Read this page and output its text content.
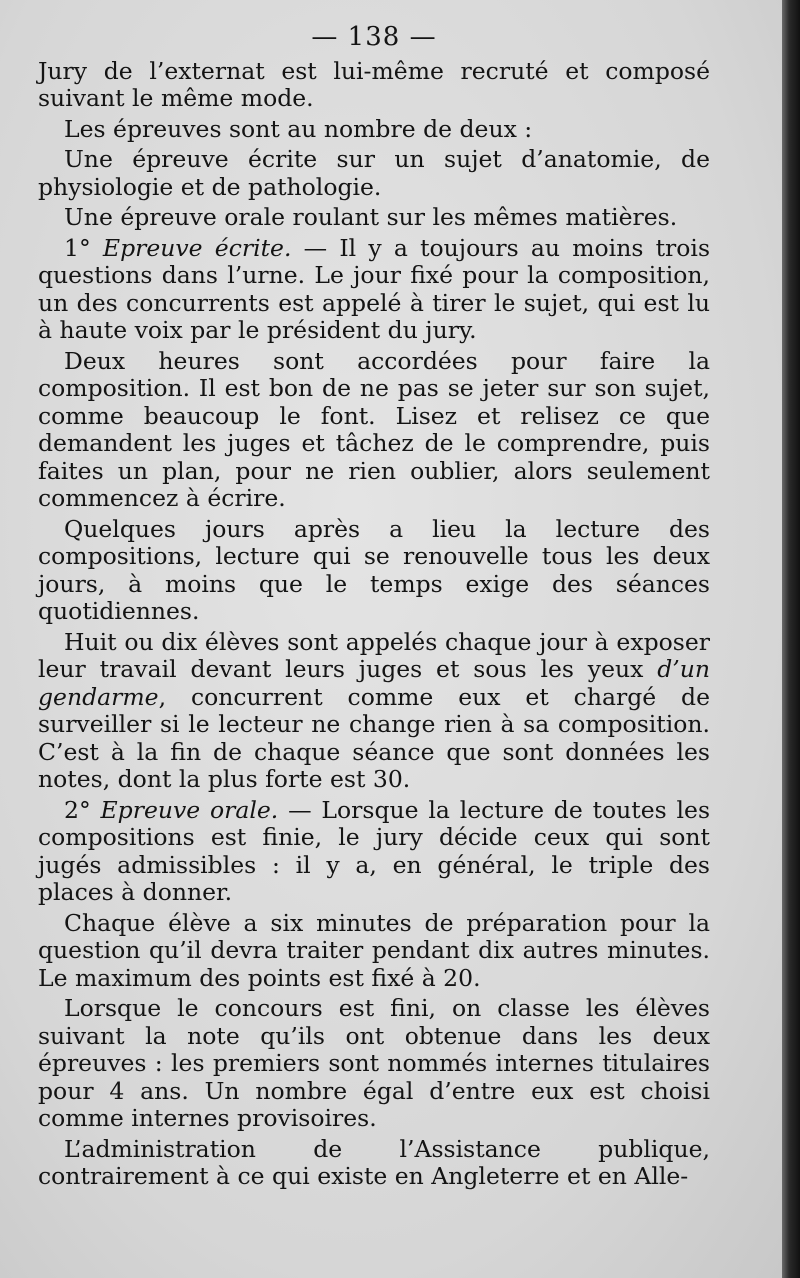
— 138 —

Jury de l’externat est lui-même recruté et composé suivant le même mode.

Les épreuves sont au nombre de deux :

Une épreuve écrite sur un sujet d’anatomie, de physiologie et de pathologie.

Une épreuve orale roulant sur les mêmes matières.

1° Epreuve écrite. — Il y a toujours au moins trois questions dans l’urne. Le jour fixé pour la composition, un des concurrents est appelé à tirer le sujet, qui est lu à haute voix par le président du jury.

Deux heures sont accordées pour faire la composition. Il est bon de ne pas se jeter sur son sujet, comme beaucoup le font. Lisez et relisez ce que demandent les juges et tâchez de le comprendre, puis faites un plan, pour ne rien oublier, alors seulement commencez à écrire.

Quelques jours après a lieu la lecture des compositions, lecture qui se renouvelle tous les deux jours, à moins que le temps exige des séances quotidiennes.

Huit ou dix élèves sont appelés chaque jour à exposer leur travail devant leurs juges et sous les yeux d’un gendarme, concurrent comme eux et chargé de surveiller si le lecteur ne change rien à sa composition. C’est à la fin de chaque séance que sont données les notes, dont la plus forte est 30.

2° Epreuve orale. — Lorsque la lecture de toutes les compositions est finie, le jury décide ceux qui sont jugés admissibles : il y a, en général, le triple des places à donner.

Chaque élève a six minutes de préparation pour la question qu’il devra traiter pendant dix autres minutes. Le maximum des points est fixé à 20.

Lorsque le concours est fini, on classe les élèves suivant la note qu’ils ont obtenue dans les deux épreuves : les premiers sont nommés internes titulaires pour 4 ans. Un nombre égal d’entre eux est choisi comme internes provisoires.

L’administration de l’Assistance publique, contrairement à ce qui existe en Angleterre et en Alle-
